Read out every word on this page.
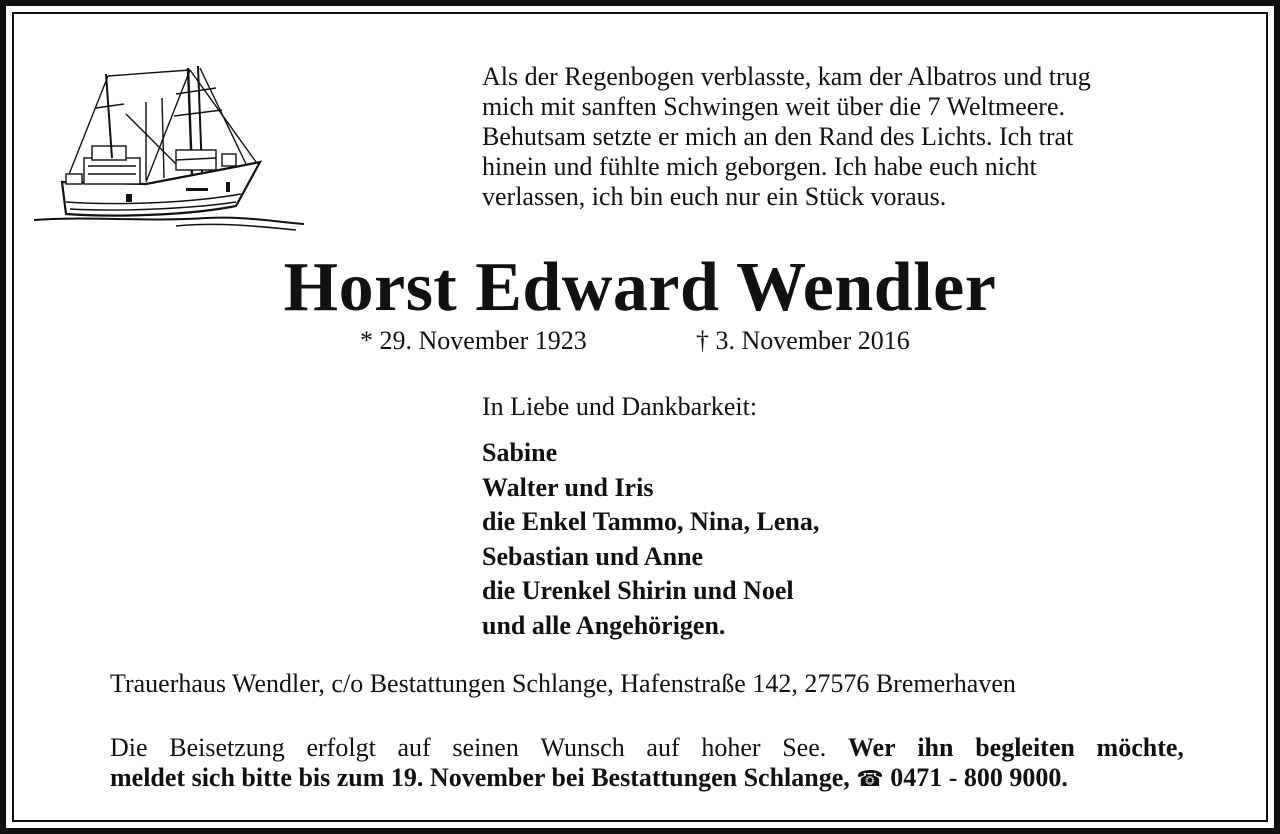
Als der Regenbogen verblasste, kam der Albatros und trug
mich mit sanften Schwingen weit über die 7 Weltmeere.
Behutsam setzte er mich an den Rand des Lichts. Ich trat
hinein und fühlte mich geborgen. Ich habe euch nicht
verlassen, ich bin euch nur ein Stück voraus.
Horst Edward Wendler
* 29. November 1923	† 3. November 2016
In Liebe und Dankbarkeit:
Sabine
Walter und Iris
die Enkel Tammo, Nina, Lena,
Sebastian und Anne
die Urenkel Shirin und Noel
und alle Angehörigen.
Trauerhaus Wendler, c/o Bestattungen Schlange, Hafenstraße 142, 27576 Bremerhaven
Die Beisetzung erfolgt auf seinen Wunsch auf hoher See. Wer ihn begleiten möchte,
meldet sich bitte bis zum 19. November bei Bestattungen Schlange, ☎ 0471 - 800 9000.
